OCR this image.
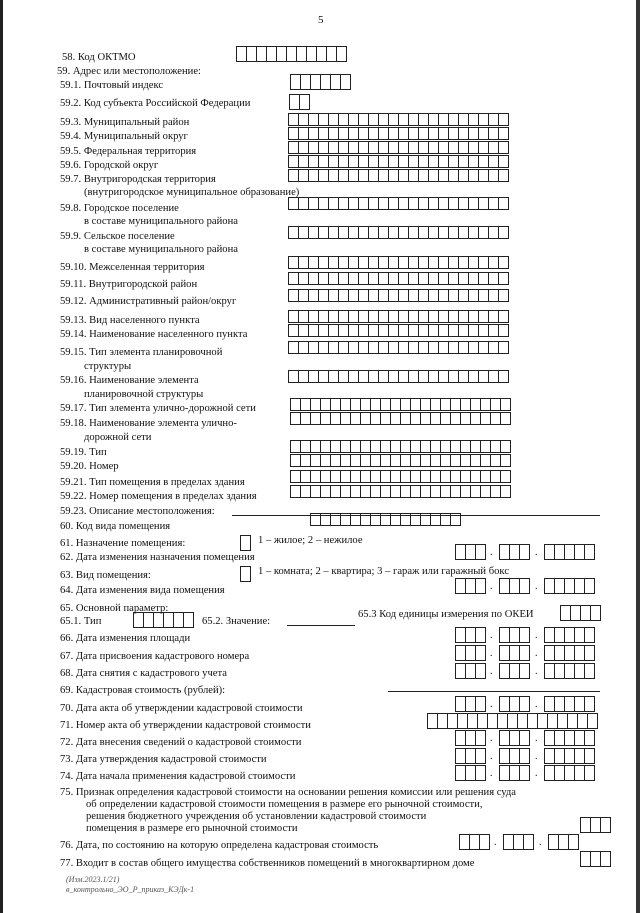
5
58. Код ОКТМО
59. Адрес или местоположение:
59.1. Почтовый индекс
59.2. Код субъекта Российской Федерации
59.3. Муниципальный район
59.4. Муниципальный округ
59.5. Федеральная территория
59.6. Городской округ
59.7. Внутригородская территория
(внутригородское муниципальное образование)
59.8. Городское поселение
в составе муниципального района
59.9. Сельское поселение
в составе муниципального района
59.10. Межселенная территория
59.11. Внутригородской район
59.12. Административный район/округ
59.13. Вид населенного пункта
59.14. Наименование населенного пункта
59.15. Тип элемента планировочной
структуры
59.16. Наименование элемента
планировочной структуры
59.17. Тип элемента улично-дорожной сети
59.18. Наименование элемента улично-
дорожной сети
59.19. Тип
59.20. Номер
59.21. Тип помещения в пределах здания
59.22. Номер помещения в пределах здания
59.23. Описание местоположения:
60. Код вида помещения
61. Назначение помещения:	1 – жилое; 2 – нежилое
62. Дата изменения назначения помещения
63. Вид помещения:	1 – комната; 2 – квартира; 3 – гараж или гаражный бокс
64. Дата изменения вида помещения
65. Основной параметр:
65.1. Тип	65.2. Значение:
65.3 Код единицы измерения по ОКЕИ
66. Дата изменения площади
67. Дата присвоения кадастрового номера
68. Дата снятия с кадастрового учета
69. Кадастровая стоимость (рублей):
70. Дата акта об утверждении кадастровой стоимости
71. Номер акта об утверждении кадастровой стоимости
72. Дата внесения сведений о кадастровой стоимости
73. Дата утверждения кадастровой стоимости
74. Дата начала применения кадастровой стоимости
75. Признак определения кадастровой стоимости на основании решения комиссии или решения суда
об определении кадастровой стоимости помещения в размере его рыночной стоимости,
решения бюджетного учреждения об установлении кадастровой стоимости
помещения в размере его рыночной стоимости
76. Дата, по состоянию на которую определена кадастровая стоимость
77. Входит в состав общего имущества собственников помещений в многоквартирном доме
.	.
.	.
.	.
.	.
.	.
.	.
.	.
.	.
.	.
.	.
(Изм.2023.1/21)
в_контрольно_ЭО_Р_приказ_КЭДк-1
